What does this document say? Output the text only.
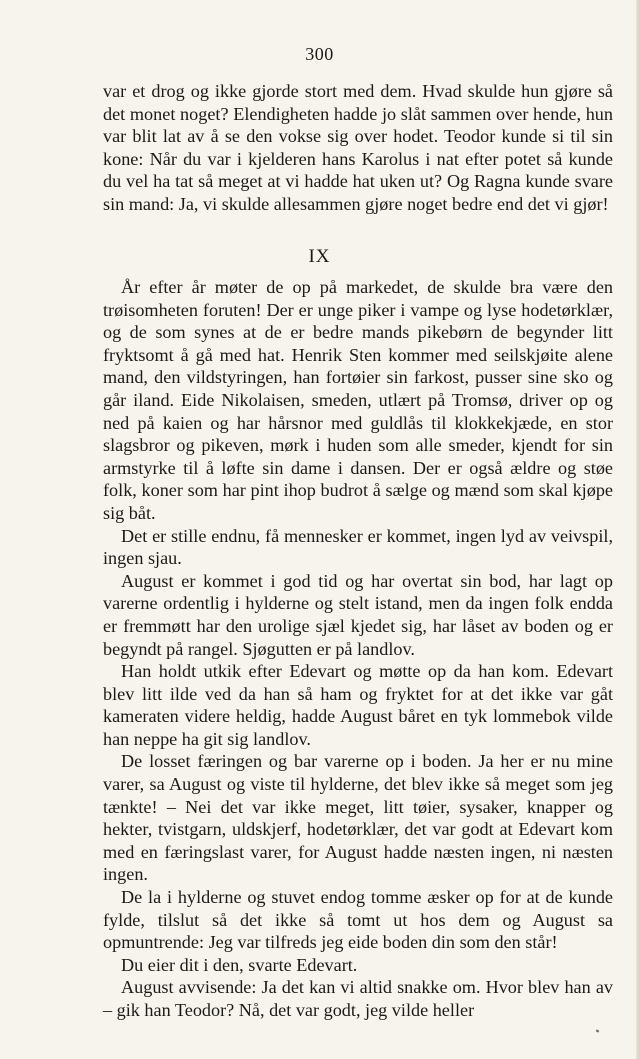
300

var et drog og ikke gjorde stort med dem. Hvad skulde hun gjøre så det monet noget? Elendigheten hadde jo slåt sammen over hende, hun var blit lat av å se den vokse sig over hodet. Teodor kunde si til sin kone: Når du var i kjelderen hans Karolus i nat efter potet så kunde du vel ha tat så meget at vi hadde hat uken ut? Og Ragna kunde svare sin mand: Ja, vi skulde allesammen gjøre noget bedre end det vi gjør!

IX

År efter år møter de op på markedet, de skulde bra være den trøisomheten foruten! Der er unge piker i vampe og lyse hodetørklær, og de som synes at de er bedre mands pikebørn de begynder litt fryktsomt å gå med hat. Henrik Sten kommer med seilskjøite alene mand, den vildstyringen, han fortøier sin farkost, pusser sine sko og går iland. Eide Nikolaisen, smeden, utlært på Tromsø, driver op og ned på kaien og har hårsnor med guldlås til klokkekjæde, en stor slagsbror og pikeven, mørk i huden som alle smeder, kjendt for sin armstyrke til å løfte sin dame i dansen. Der er også ældre og støe folk, koner som har pint ihop budrot å sælge og mænd som skal kjøpe sig båt.

Det er stille endnu, få mennesker er kommet, ingen lyd av veivspil, ingen sjau.

August er kommet i god tid og har overtat sin bod, har lagt op varerne ordentlig i hylderne og stelt istand, men da ingen folk endda er fremmøtt har den urolige sjæl kjedet sig, har låset av boden og er begyndt på rangel. Sjøgutten er på landlov.

Han holdt utkik efter Edevart og møtte op da han kom. Edevart blev litt ilde ved da han så ham og fryktet for at det ikke var gåt kameraten videre heldig, hadde August båret en tyk lommebok vilde han neppe ha git sig landlov.

De losset færingen og bar varerne op i boden. Ja her er nu mine varer, sa August og viste til hylderne, det blev ikke så meget som jeg tænkte! – Nei det var ikke meget, litt tøier, sysaker, knapper og hekter, tvistgarn, uldskjerf, hodetørklær, det var godt at Edevart kom med en færingslast varer, for August hadde næsten ingen, ni næsten ingen.

De la i hylderne og stuvet endog tomme æsker op for at de kunde fylde, tilslut så det ikke så tomt ut hos dem og August sa opmuntrende: Jeg var tilfreds jeg eide boden din som den står!

Du eier dit i den, svarte Edevart.

August avvisende: Ja det kan vi altid snakke om. Hvor blev han av – gik han Teodor? Nå, det var godt, jeg vilde heller
